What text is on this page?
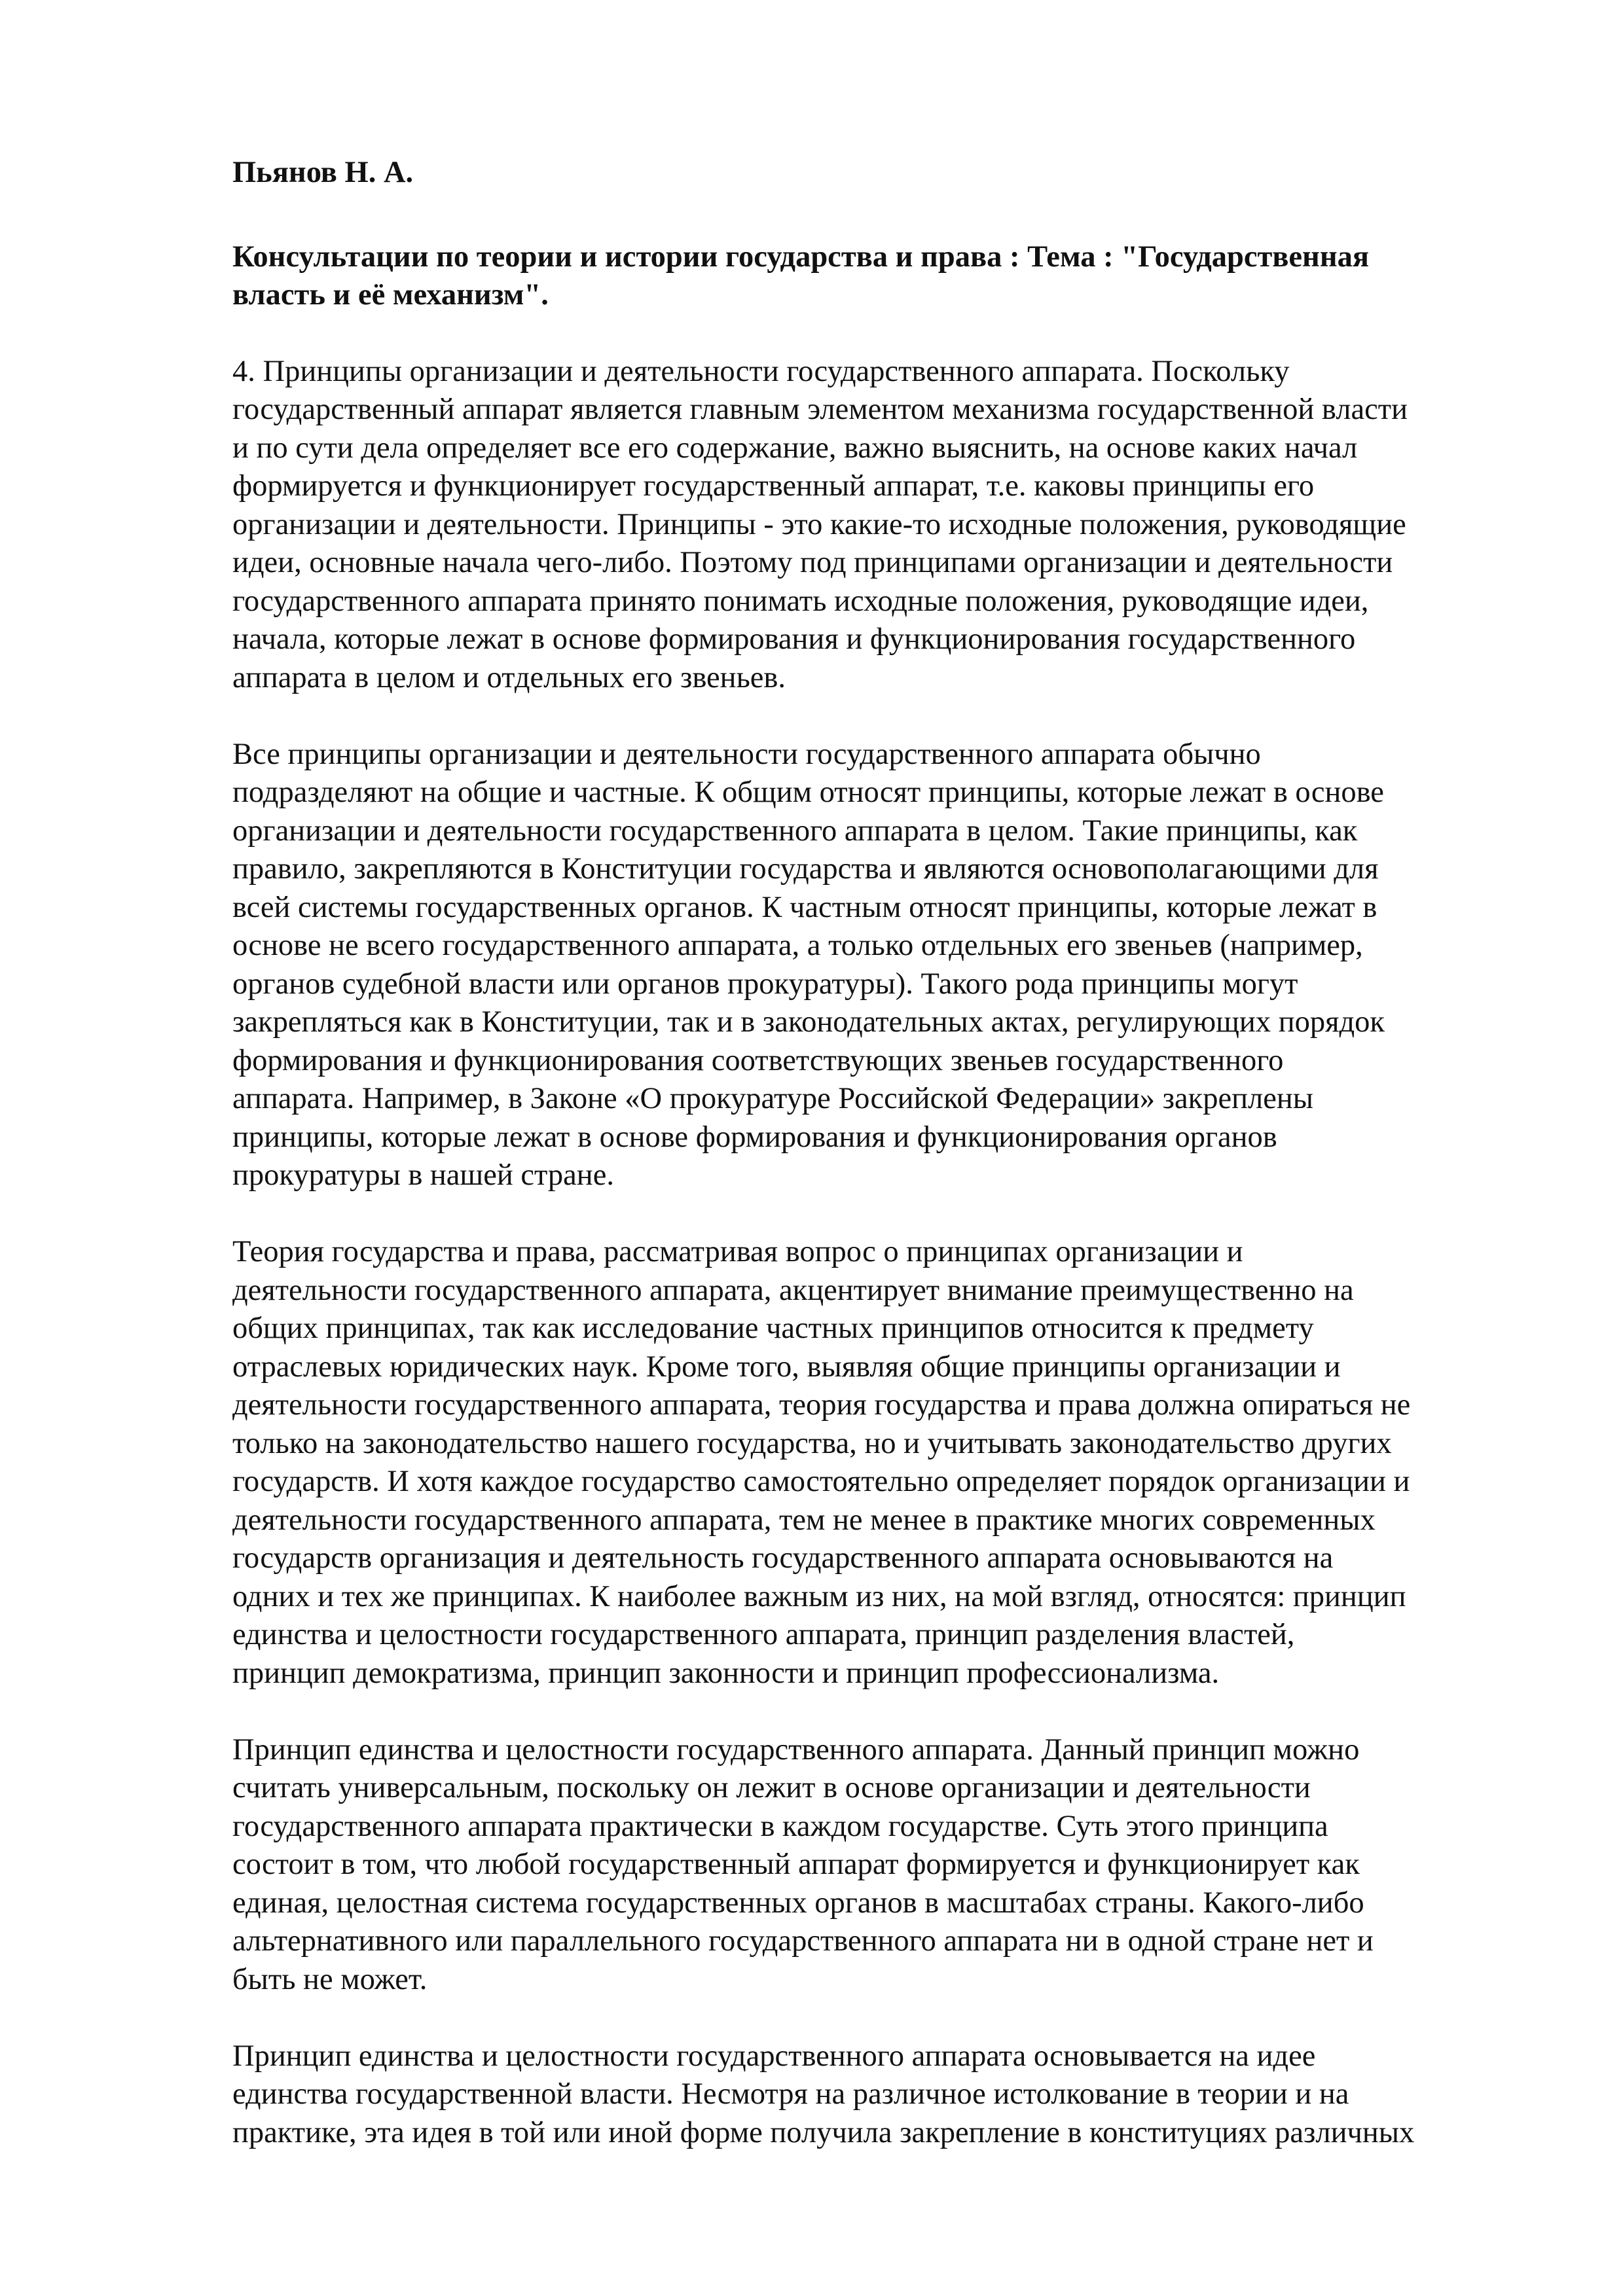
Пьянов Н. А.
Консультации по теории и истории государства и права : Тема : "Государственная
власть и её механизм".
4. Принципы организации и деятельности государственного аппарата. Поскольку
государственный аппарат является главным элементом механизма государственной власти
и по сути дела определяет все его содержание, важно выяснить, на основе каких начал
формируется и функционирует государственный аппарат, т.е. каковы принципы его
организации и деятельности. Принципы - это какие-то исходные положения, руководящие
идеи, основные начала чего-либо. Поэтому под принципами организации и деятельности
государственного аппарата принято понимать исходные положения, руководящие идеи,
начала, которые лежат в основе формирования и функционирования государственного
аппарата в целом и отдельных его звеньев.
Все принципы организации и деятельности государственного аппарата обычно
подразделяют на общие и частные. К общим относят принципы, которые лежат в основе
организации и деятельности государственного аппарата в целом. Такие принципы, как
правило, закрепляются в Конституции государства и являются основополагающими для
всей системы государственных органов. К частным относят принципы, которые лежат в
основе не всего государственного аппарата, а только отдельных его звеньев (например,
органов судебной власти или органов прокуратуры). Такого рода принципы могут
закрепляться как в Конституции, так и в законодательных актах, регулирующих порядок
формирования и функционирования соответствующих звеньев государственного
аппарата. Например, в Законе «О прокуратуре Российской Федерации» закреплены
принципы, которые лежат в основе формирования и функционирования органов
прокуратуры в нашей стране.
Теория государства и права, рассматривая вопрос о принципах организации и
деятельности государственного аппарата, акцентирует внимание преимущественно на
общих принципах, так как исследование частных принципов относится к предмету
отраслевых юридических наук. Кроме того, выявляя общие принципы организации и
деятельности государственного аппарата, теория государства и права должна опираться не
только на законодательство нашего государства, но и учитывать законодательство других
государств. И хотя каждое государство самостоятельно определяет порядок организации и
деятельности государственного аппарата, тем не менее в практике многих современных
государств организация и деятельность государственного аппарата основываются на
одних и тех же принципах. К наиболее важным из них, на мой взгляд, относятся: принцип
единства и целостности государственного аппарата, принцип разделения властей,
принцип демократизма, принцип законности и принцип профессионализма.
Принцип единства и целостности государственного аппарата. Данный принцип можно
считать универсальным, поскольку он лежит в основе организации и деятельности
государственного аппарата практически в каждом государстве. Суть этого принципа
состоит в том, что любой государственный аппарат формируется и функционирует как
единая, целостная система государственных органов в масштабах страны. Какого-либо
альтернативного или параллельного государственного аппарата ни в одной стране нет и
быть не может.
Принцип единства и целостности государственного аппарата основывается на идее
единства государственной власти. Несмотря на различное истолкование в теории и на
практике, эта идея в той или иной форме получила закрепление в конституциях различных
